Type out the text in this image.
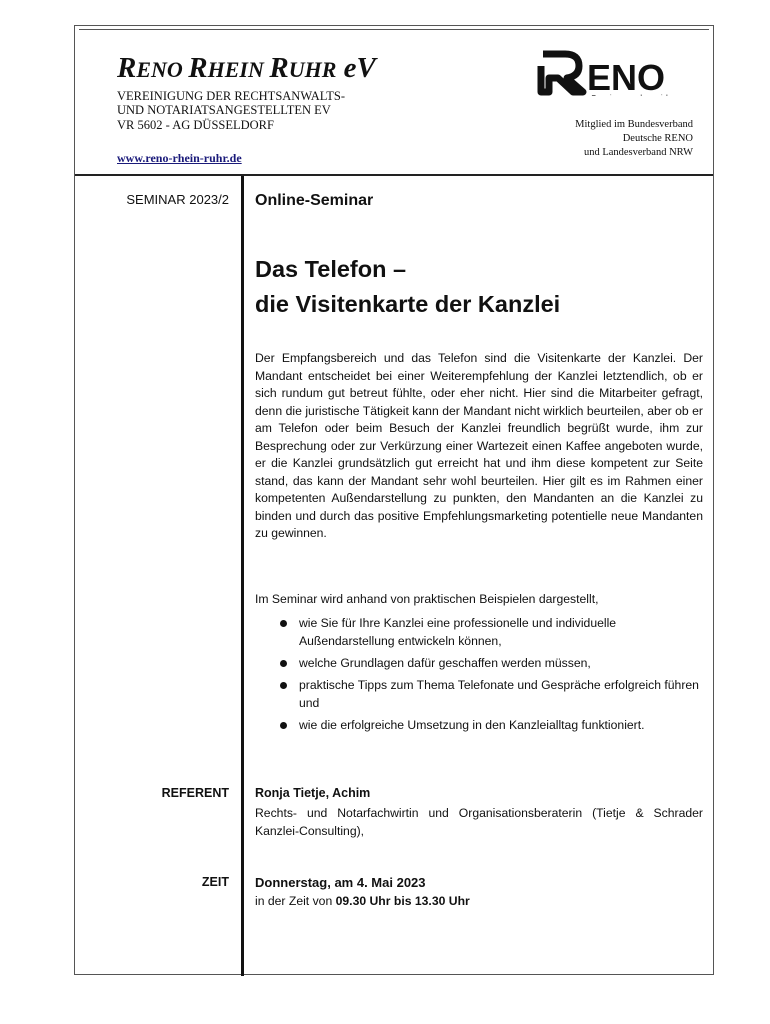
RENO RHEIN RUHR eV

VEREINIGUNG DER RECHTSANWALTS-

UND NOTARIATSANGESTELLTEN EV

VR 5602 - AG DÜSSELDORF

www.reno-rhein-ruhr.de
ENO
Mitglied im Bundesverband
Deutsche RENO
und Landesverband NRW
SEMINAR 2023/2 Online-Seminar
Das Telefon –
die Visitenkarte der Kanzlei
Der Empfangsbereich und das Telefon sind die Visitenkarte der Kanzlei. Der Mandant entscheidet bei einer Weiterempfehlung der Kanzlei letztendlich, ob er sich rundum gut betreut fühlte, oder eher nicht. Hier sind die Mitarbeiter gefragt, denn die juristische Tätigkeit kann der Mandant nicht wirklich beurteilen, aber ob er am Telefon oder beim Besuch der Kanzlei freundlich begrüßt wurde, ihm zur Besprechung oder zur Verkürzung einer Wartezeit einen Kaffee angeboten wurde, er die Kanzlei grundsätzlich gut erreicht hat und ihm diese kompetent zur Seite stand, das kann der Mandant sehr wohl beurteilen. Hier gilt es im Rahmen einer kompetenten Außendarstellung zu punkten, den Mandanten an die Kanzlei zu binden und durch das positive Empfehlungsmarketing potentielle neue Mandanten zu gewinnen.
Im Seminar wird anhand von praktischen Beispielen dargestellt,
wie Sie für Ihre Kanzlei eine professionelle und individuelle Außendarstellung entwickeln können,
welche Grundlagen dafür geschaffen werden müssen,
praktische Tipps zum Thema Telefonate und Gespräche erfolgreich führen und
wie die erfolgreiche Umsetzung in den Kanzleialltag funktioniert.
REFERENT Ronja Tietje, Achim
Rechts- und Notarfachwirtin und Organisationsberaterin (Tietje & Schrader Kanzlei-Consulting),
ZEIT Donnerstag, am 4. Mai 2023
in der Zeit von 09.30 Uhr bis 13.30 Uhr
